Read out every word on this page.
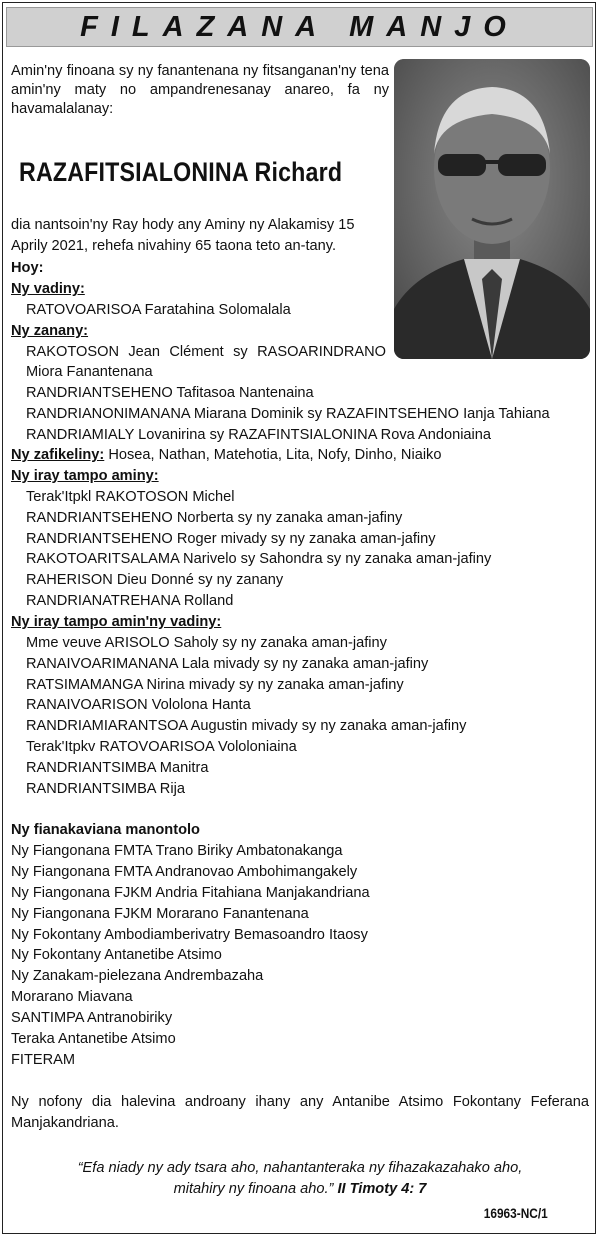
FILAZANA MANJO
Amin'ny finoana sy ny fanantenana ny fitsanganan'ny tena amin'ny maty no ampandrenesanay anareo, fa ny havamalalanay:
RAZAFITSIALONINA Richard
dia nantsoin'ny Ray hody any Aminy ny Alakamisy 15 Aprily 2021, rehefa nivahiny 65 taona teto an-tany.
Hoy:
Ny vadiny:
RATOVOARISOA Faratahina Solomalala
Ny zanany:
RAKOTOSON Jean Clément sy RASOARINDRANO
Miora Fanantenana
RANDRIANTSEHENO Tafitasoa Nantenaina
RANDRIANONIMANANA Miarana Dominik sy RAZAFINTSEHENO Ianja Tahiana
RANDRIAMIALY Lovanirina sy RAZAFINTSIALONINA Rova Andoniaina
Ny zafikeliny: Hosea, Nathan, Matehotia, Lita, Nofy, Dinho, Niaiko
Ny iray tampo aminy:
Terak'Itpkl RAKOTOSON Michel
RANDRIANTSEHENO Norberta sy ny zanaka aman-jafiny
RANDRIANTSEHENO Roger mivady sy ny zanaka aman-jafiny
RAKOTOARITSALAMA Narivelo sy Sahondra sy ny zanaka aman-jafiny
RAHERISON Dieu Donné sy ny zanany
RANDRIANATREHANA Rolland
Ny iray tampo amin'ny vadiny:
Mme veuve ARISOLO Saholy sy ny zanaka aman-jafiny
RANAIVOARIMANANA Lala mivady sy ny zanaka aman-jafiny
RATSIMAMANGA Nirina mivady sy ny zanaka aman-jafiny
RANAIVOARISON Vololona Hanta
RANDRIAMIARANTSOA Augustin mivady sy ny zanaka aman-jafiny
Terak'Itpkv RATOVOARISOA Vololoniaina
RANDRIANTSIMBA Manitra
RANDRIANTSIMBA Rija
Ny fianakaviana manontolo
Ny Fiangonana FMTA Trano Biriky Ambatonakanga
Ny Fiangonana FMTA Andranovao Ambohimangakely
Ny Fiangonana FJKM Andria Fitahiana Manjakandriana
Ny Fiangonana FJKM Morarano Fanantenana
Ny Fokontany Ambodiamberivatry Bemasoandro Itaosy
Ny Fokontany Antanetibe Atsimo
Ny Zanakam-pielezana Andrembazaha
Morarano Miavana
SANTIMPA Antranobiriky
Teraka Antanetibe Atsimo
FITERAM
Ny nofony dia halevina androany ihany any Antanibe Atsimo Fokontany Feferana Manjakandriana.
“Efa niady ny ady tsara aho, nahantanteraka ny fihazakazahako aho,
mitahiry ny finoana aho.” II Timoty 4: 7
16963-NC/1
